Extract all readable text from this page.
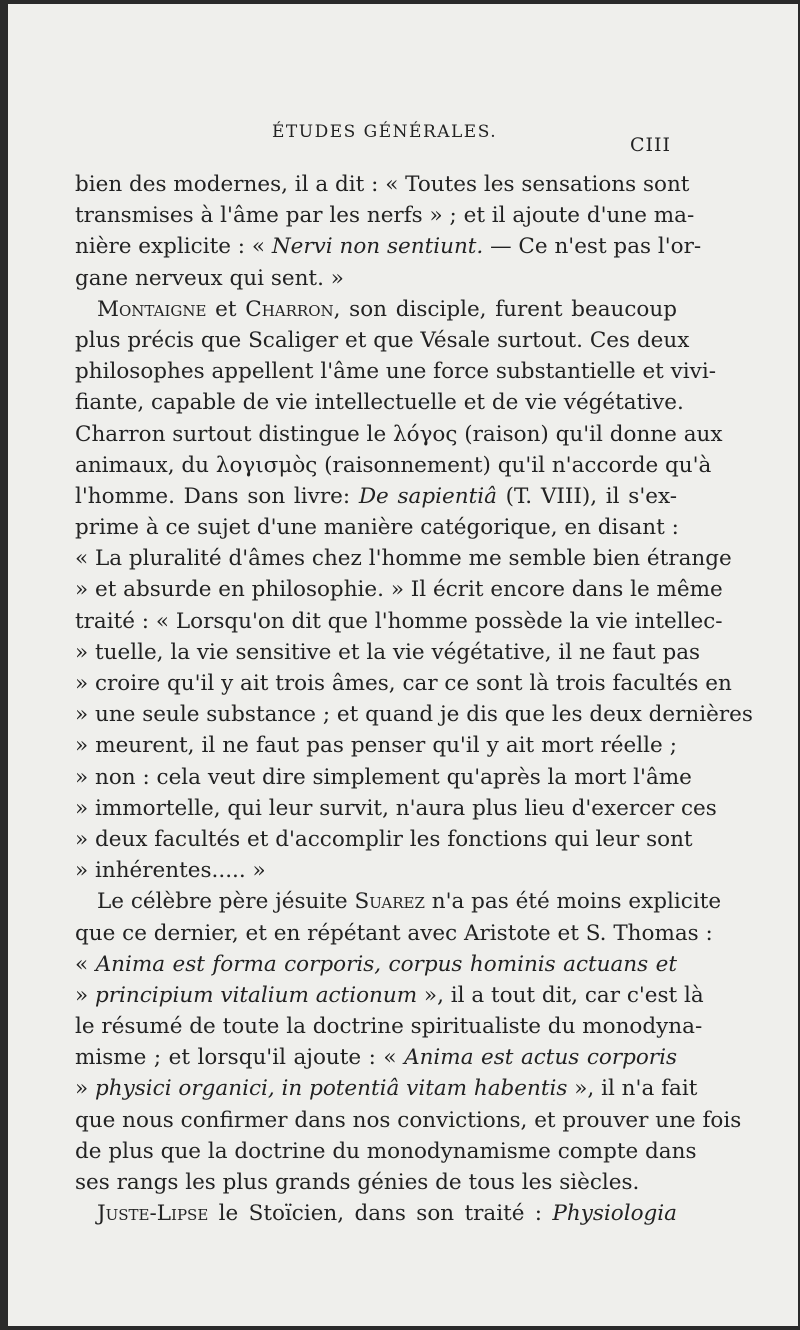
ÉTUDES GÉNÉRALES.
CIII
bien des modernes, il a dit : « Toutes les sensations sont
transmises à l'âme par les nerfs » ; et il ajoute d'une ma-
nière explicite : « Nervi non sentiunt. — Ce n'est pas l'or-
gane nerveux qui sent. »
Montaigne et Charron, son disciple, furent beaucoup
plus précis que Scaliger et que Vésale surtout. Ces deux
philosophes appellent l'âme une force substantielle et vivi-
fiante, capable de vie intellectuelle et de vie végétative.
Charron surtout distingue le λόγος (raison) qu'il donne aux
animaux, du λογισμὸς (raisonnement) qu'il n'accorde qu'à
l'homme. Dans son livre: De sapientiâ (T. VIII), il s'ex-
prime à ce sujet d'une manière catégorique, en disant :
« La pluralité d'âmes chez l'homme me semble bien étrange
» et absurde en philosophie. » Il écrit encore dans le même
traité : « Lorsqu'on dit que l'homme possède la vie intellec-
» tuelle, la vie sensitive et la vie végétative, il ne faut pas
» croire qu'il y ait trois âmes, car ce sont là trois facultés en
» une seule substance ; et quand je dis que les deux dernières
» meurent, il ne faut pas penser qu'il y ait mort réelle ;
» non : cela veut dire simplement qu'après la mort l'âme
» immortelle, qui leur survit, n'aura plus lieu d'exercer ces
» deux facultés et d'accomplir les fonctions qui leur sont
» inhérentes..... »
Le célèbre père jésuite Suarez n'a pas été moins explicite
que ce dernier, et en répétant avec Aristote et S. Thomas :
« Anima est forma corporis, corpus hominis actuans et
» principium vitalium actionum », il a tout dit, car c'est là
le résumé de toute la doctrine spiritualiste du monodyna-
misme ; et lorsqu'il ajoute : « Anima est actus corporis
» physici organici, in potentiâ vitam habentis », il n'a fait
que nous confirmer dans nos convictions, et prouver une fois
de plus que la doctrine du monodynamisme compte dans
ses rangs les plus grands génies de tous les siècles.
Juste-Lipse le Stoïcien, dans son traité : Physiologia
